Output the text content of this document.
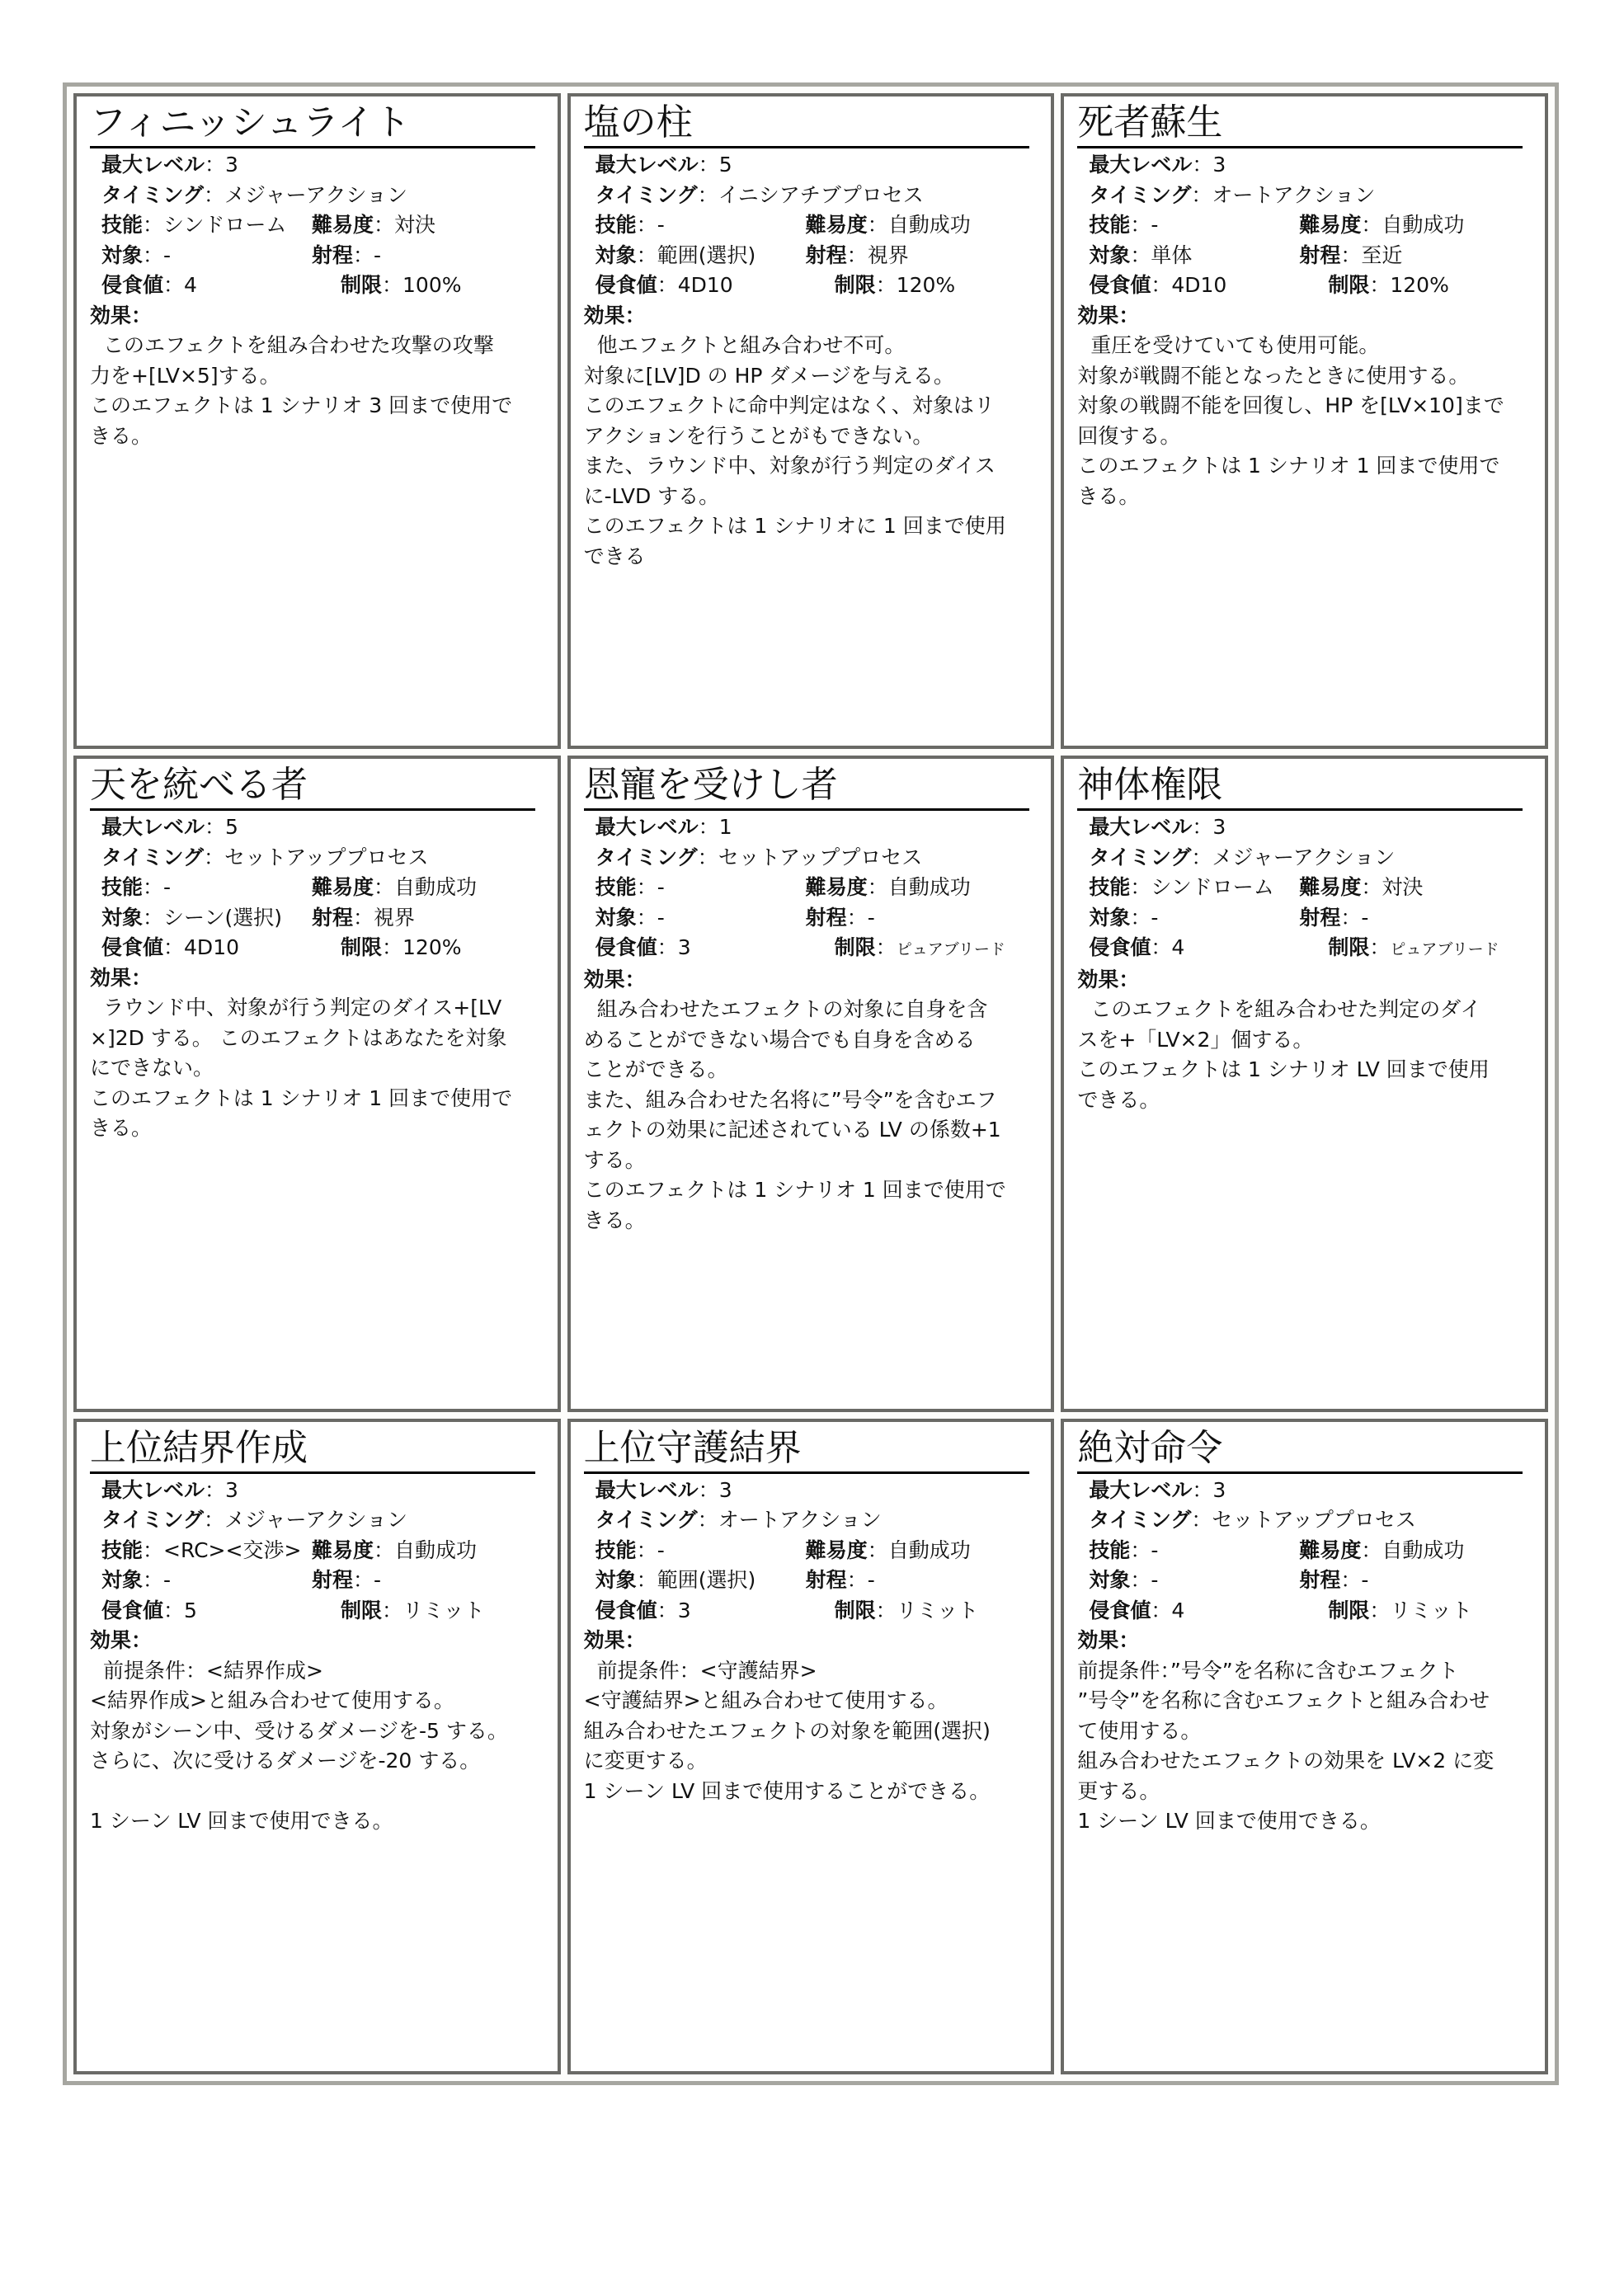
フィニッシュライト
最大レベル：3
タイミング：メジャーアクション
技能：シンドローム 難易度：対決
対象：-	射程：-
侵食値：4	制限：100%
効果：

このエフェクトを組み合わせた攻撃の攻撃

力を+[LV×5]する。

このエフェクトは 1 シナリオ 3 回まで使用で

きる。

塩の柱
最大レベル：5
タイミング：イニシアチブプロセス
技能：-	難易度：自動成功
対象：範囲(選択) 射程：視界
侵食値：4D10	制限：120%
効果：

他エフェクトと組み合わせ不可。

対象に[LV]D の HP ダメージを与える。

このエフェクトに命中判定はなく、対象はリ

アクションを行うことがもできない。

また、ラウンド中、対象が行う判定のダイス

に-LVD する。

このエフェクトは 1 シナリオに 1 回まで使用

できる

死者蘇生
最大レベル：3
タイミング：オートアクション
技能：-	難易度：自動成功
対象：単体	射程：至近
侵食値：4D10	制限：120%
効果：

重圧を受けていても使用可能。

対象が戦闘不能となったときに使用する。

対象の戦闘不能を回復し、HP を[LV×10]まで

回復する。

このエフェクトは 1 シナリオ 1 回まで使用で

きる。

天を統べる者
最大レベル：5
タイミング：セットアッププロセス
技能：-	難易度：自動成功
対象：シーン(選択) 射程：視界
侵食値：4D10	制限：120%
効果：

ラウンド中、対象が行う判定のダイス+[LV

×]2D する。 このエフェクトはあなたを対象

にできない。

このエフェクトは 1 シナリオ 1 回まで使用で

きる。

恩寵を受けし者
最大レベル：1
タイミング：セットアッププロセス
技能：-	難易度：自動成功
対象：-	射程：-
侵食値：3	制限：ピュアブリード
効果：

組み合わせたエフェクトの対象に自身を含

めることができない場合でも自身を含める

ことができる。

また、組み合わせた名将に”号令”を含むエフ

ェクトの効果に記述されている LV の係数+1

する。

このエフェクトは 1 シナリオ 1 回まで使用で

きる。

神体権限
最大レベル：3
タイミング：メジャーアクション
技能：シンドローム 難易度：対決
対象：-	射程：-
侵食値：4	制限：ピュアブリード
効果：

このエフェクトを組み合わせた判定のダイ

スを+「LV×2」個する。

このエフェクトは 1 シナリオ LV 回まで使用

できる。

上位結界作成
最大レベル：3
タイミング：メジャーアクション
技能：<RC><交渉> 難易度：自動成功
対象：-	射程：-
侵食値：5	制限：リミット
効果：

前提条件：<結界作成>

<結界作成>と組み合わせて使用する。

対象がシーン中、受けるダメージを-5 する。

さらに、次に受けるダメージを-20 する。

1 シーン LV 回まで使用できる。

上位守護結界
最大レベル：3
タイミング：オートアクション
技能：-	難易度：自動成功
対象：範囲(選択) 射程：-
侵食値：3	制限：リミット
効果：

前提条件：<守護結界>

<守護結界>と組み合わせて使用する。

組み合わせたエフェクトの対象を範囲(選択)

に変更する。

1 シーン LV 回まで使用することができる。

絶対命令
最大レベル：3
タイミング：セットアッププロセス
技能：-	難易度：自動成功
対象：-	射程：-
侵食値：4	制限：リミット
効果：

前提条件：”号令”を名称に含むエフェクト

”号令”を名称に含むエフェクトと組み合わせ

て使用する。

組み合わせたエフェクトの効果を LV×2 に変

更する。

1 シーン LV 回まで使用できる。
